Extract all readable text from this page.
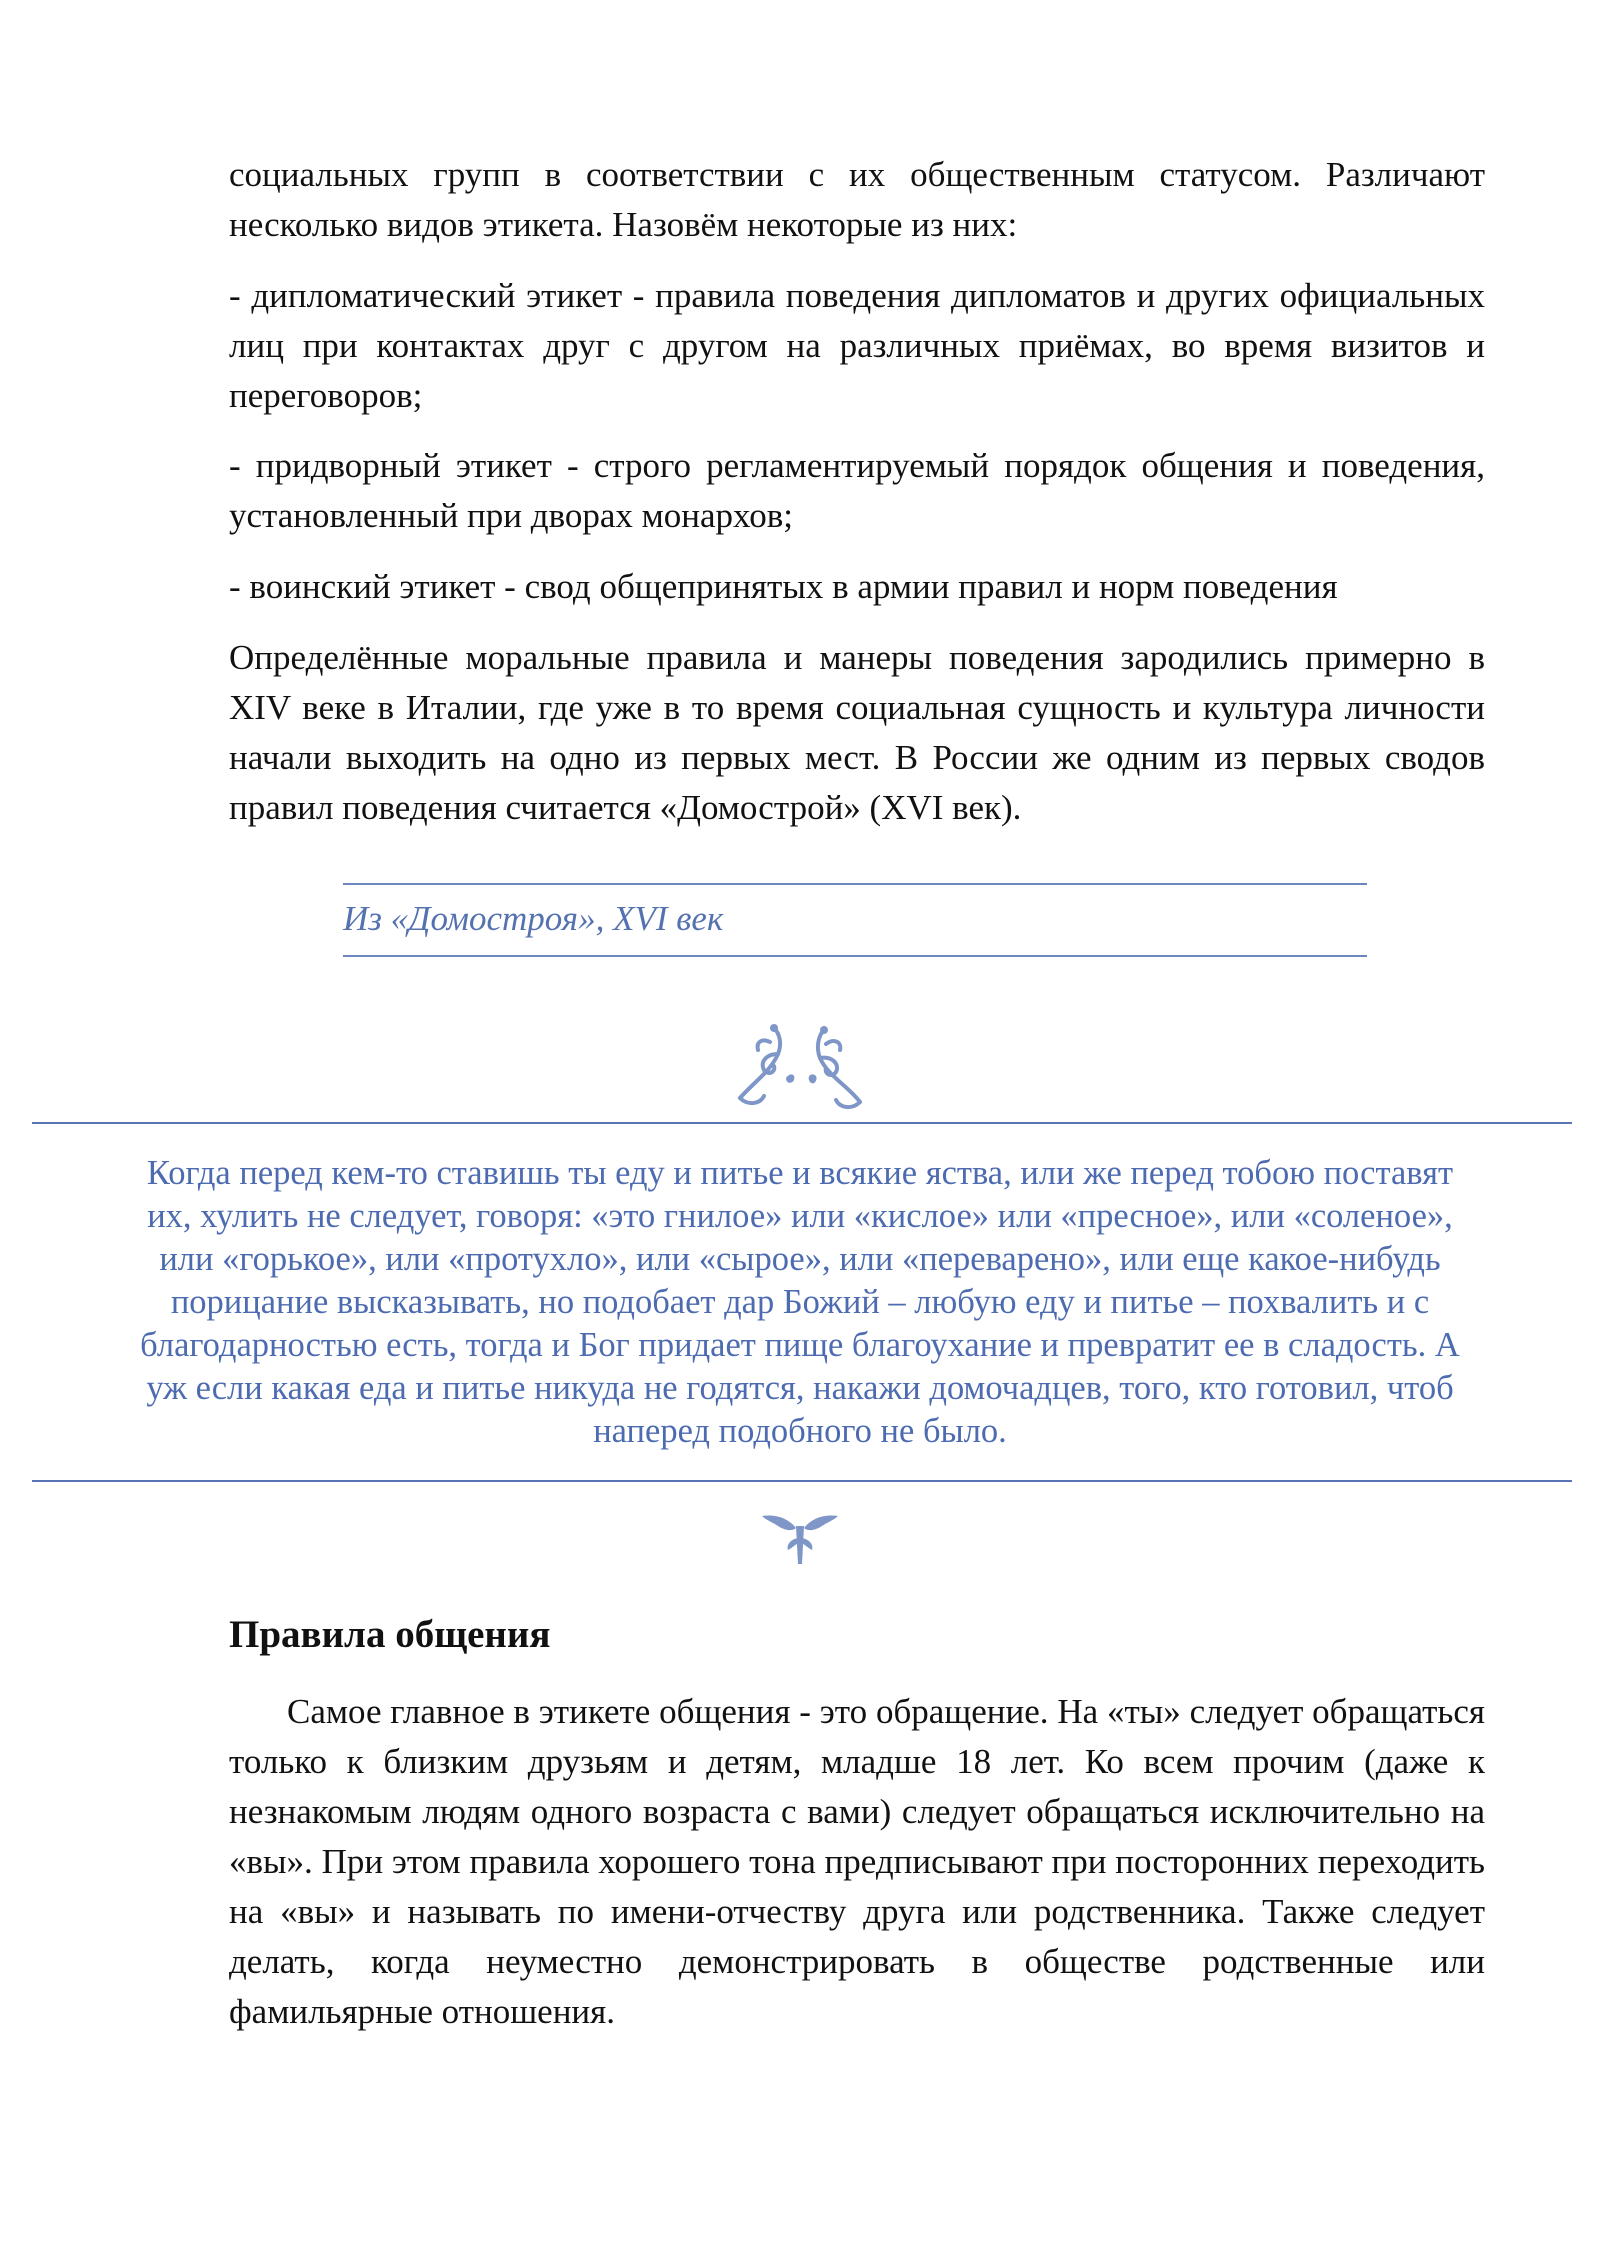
социальных групп в соответствии с их общественным статусом. Различают несколько видов этикета. Назовём некоторые из них:

- дипломатический этикет - правила поведения дипломатов и других официальных лиц при контактах друг с другом на различных приёмах, во время визитов и переговоров;

- придворный этикет - строго регламентируемый порядок общения и поведения, установленный при дворах монархов;

- воинский этикет - свод общепринятых в армии правил и норм поведения

Определённые моральные правила и манеры поведения зародились примерно в XIV веке в Италии, где уже в то время социальная сущность и культура личности начали выходить на одно из первых мест. В России же одним из первых сводов правил поведения считается «Домострой» (XVI век).

Из «Домостроя», XVI век
Когда перед кем-то ставишь ты еду и питье и всякие яства, или же перед тобою поставят
их, хулить не следует, говоря: «это гнилое» или «кислое» или «пресное», или «соленое»,
или «горькое», или «протухло», или «сырое», или «переварено», или еще какое-нибудь
порицание высказывать, но подобает дар Божий – любую еду и питье – похвалить и с
благодарностью есть, тогда и Бог придает пище благоухание и превратит ее в сладость. А
уж если какая еда и питье никуда не годятся, накажи домочадцев, того, кто готовил, чтоб
наперед подобного не было.
Правила общения

Самое главное в этикете общения - это обращение. На «ты» следует обращаться только к близким друзьям и детям, младше 18 лет. Ко всем прочим (даже к незнакомым людям одного возраста с вами) следует обращаться исключительно на «вы». При этом правила хорошего тона предписывают при посторонних переходить на «вы» и называть по имени-отчеству друга или родственника. Также следует делать, когда неуместно демонстрировать в обществе родственные или фамильярные отношения.
